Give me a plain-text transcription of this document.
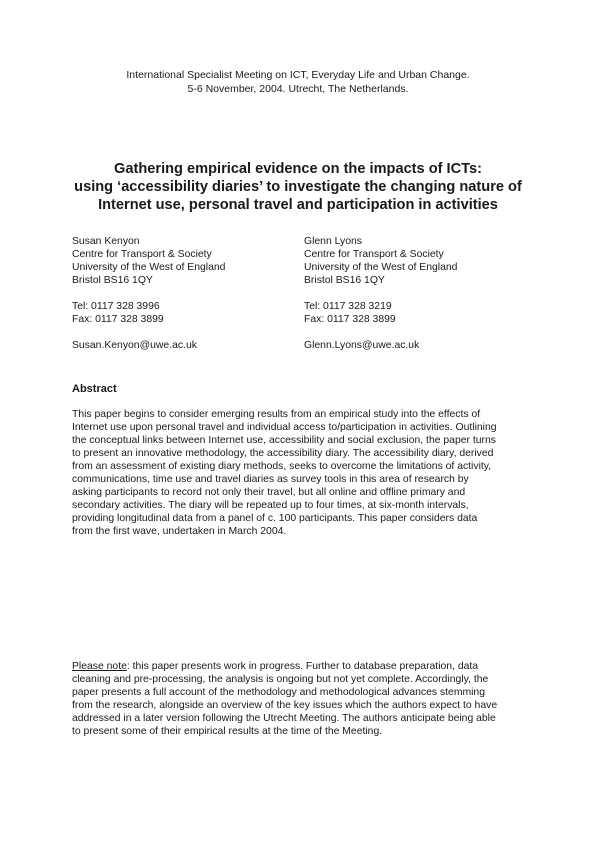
International Specialist Meeting on ICT, Everyday Life and Urban Change.
5-6 November, 2004. Utrecht, The Netherlands.
Gathering empirical evidence on the impacts of ICTs:
using ‘accessibility diaries’ to investigate the changing nature of
Internet use, personal travel and participation in activities
Susan Kenyon
Centre for Transport & Society
University of the West of England
Bristol BS16 1QY
Tel: 0117 328 3996
Fax: 0117 328 3899
Susan.Kenyon@uwe.ac.uk
Glenn Lyons
Centre for Transport & Society
University of the West of England
Bristol BS16 1QY
Tel: 0117 328 3219
Fax: 0117 328 3899
Glenn.Lyons@uwe.ac.uk
Abstract
This paper begins to consider emerging results from an empirical study into the effects of
Internet use upon personal travel and individual access to/participation in activities. Outlining
the conceptual links between Internet use, accessibility and social exclusion, the paper turns
to present an innovative methodology, the accessibility diary. The accessibility diary, derived
from an assessment of existing diary methods, seeks to overcome the limitations of activity,
communications, time use and travel diaries as survey tools in this area of research by
asking participants to record not only their travel, but all online and offline primary and
secondary activities. The diary will be repeated up to four times, at six-month intervals,
providing longitudinal data from a panel of c. 100 participants. This paper considers data
from the first wave, undertaken in March 2004.
Please note: this paper presents work in progress. Further to database preparation, data
cleaning and pre-processing, the analysis is ongoing but not yet complete. Accordingly, the
paper presents a full account of the methodology and methodological advances stemming
from the research, alongside an overview of the key issues which the authors expect to have
addressed in a later version following the Utrecht Meeting. The authors anticipate being able
to present some of their empirical results at the time of the Meeting.
